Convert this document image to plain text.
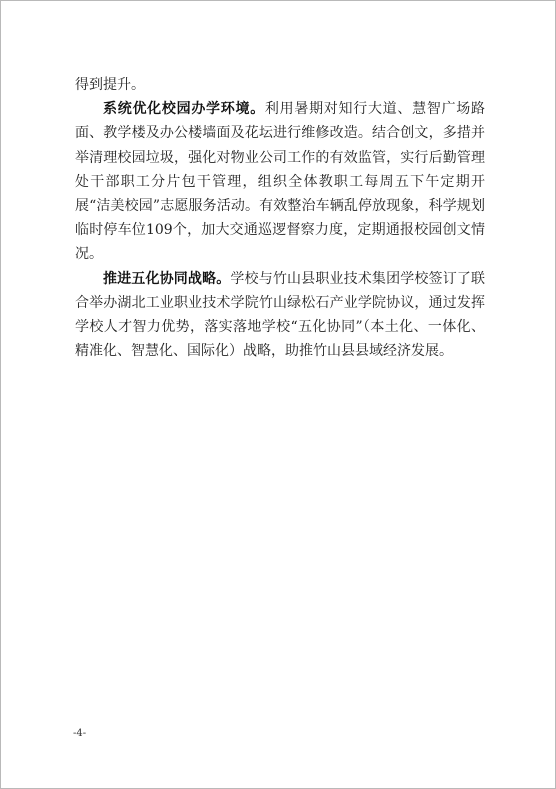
得到提升。

系统优化校园办学环境。利用暑期对知行大道、慧智广场路面、教学楼及办公楼墙面及花坛进行维修改造。结合创文，多措并举清理校园垃圾，强化对物业公司工作的有效监管，实行后勤管理处干部职工分片包干管理，组织全体教职工每周五下午定期开展“洁美校园”志愿服务活动。有效整治车辆乱停放现象，科学规划临时停车位109个，加大交通巡逻督察力度，定期通报校园创文情况。

推进五化协同战略。学校与竹山县职业技术集团学校签订了联合举办湖北工业职业技术学院竹山绿松石产业学院协议，通过发挥学校人才智力优势，落实落地学校“五化协同”（本土化、一体化、精准化、智慧化、国际化）战略，助推竹山县县域经济发展。

-4-
